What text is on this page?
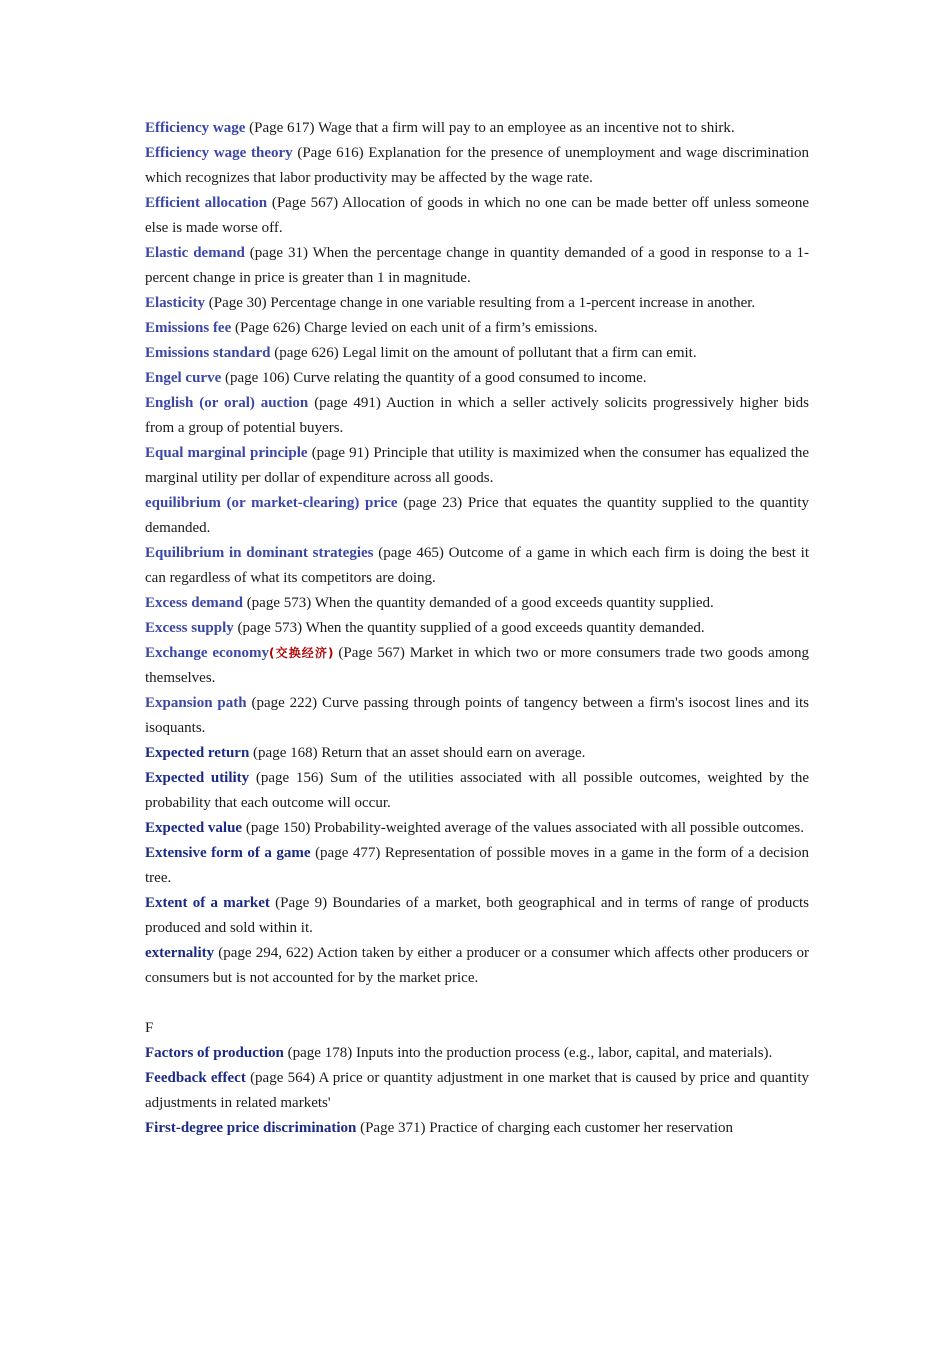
Efficiency wage (Page 617) Wage that a firm will pay to an employee as an incentive not to shirk.

Efficiency wage theory (Page 616) Explanation for the presence of unemployment and wage discrimination which recognizes that labor productivity may be affected by the wage rate.

Efficient allocation (Page 567) Allocation of goods in which no one can be made better off unless someone else is made worse off.

Elastic demand (page 31) When the percentage change in quantity demanded of a good in response to a 1-percent change in price is greater than 1 in magnitude.

Elasticity (Page 30) Percentage change in one variable resulting from a 1-percent increase in another.

Emissions fee (Page 626) Charge levied on each unit of a firm’s emissions.

Emissions standard (page 626) Legal limit on the amount of pollutant that a firm can emit.

Engel curve (page 106) Curve relating the quantity of a good consumed to income.

English (or oral) auction (page 491) Auction in which a seller actively solicits progressively higher bids from a group of potential buyers.

Equal marginal principle (page 91) Principle that utility is maximized when the consumer has equalized the marginal utility per dollar of expenditure across all goods.

equilibrium (or market-clearing) price (page 23) Price that equates the quantity supplied to the quantity demanded.

Equilibrium in dominant strategies (page 465) Outcome of a game in which each firm is doing the best it can regardless of what its competitors are doing.

Excess demand (page 573) When the quantity demanded of a good exceeds quantity supplied.

Excess supply (page 573) When the quantity supplied of a good exceeds quantity demanded.

Exchange economy(交换经济) (Page 567) Market in which two or more consumers trade two goods among themselves.

Expansion path (page 222) Curve passing through points of tangency between a firm's isocost lines and its isoquants.

Expected return (page 168) Return that an asset should earn on average.

Expected utility (page 156) Sum of the utilities associated with all possible outcomes, weighted by the probability that each outcome will occur.

Expected value (page 150) Probability-weighted average of the values associated with all possible outcomes.

Extensive form of a game (page 477) Representation of possible moves in a game in the form of a decision tree.

Extent of a market (Page 9) Boundaries of a market, both geographical and in terms of range of products produced and sold within it.

externality (page 294, 622) Action taken by either a producer or a consumer which affects other producers or consumers but is not accounted for by the market price.

F

Factors of production (page 178) Inputs into the production process (e.g., labor, capital, and materials).

Feedback effect (page 564) A price or quantity adjustment in one market that is caused by price and quantity adjustments in related markets'

First-degree price discrimination (Page 371) Practice of charging each customer her reservation
